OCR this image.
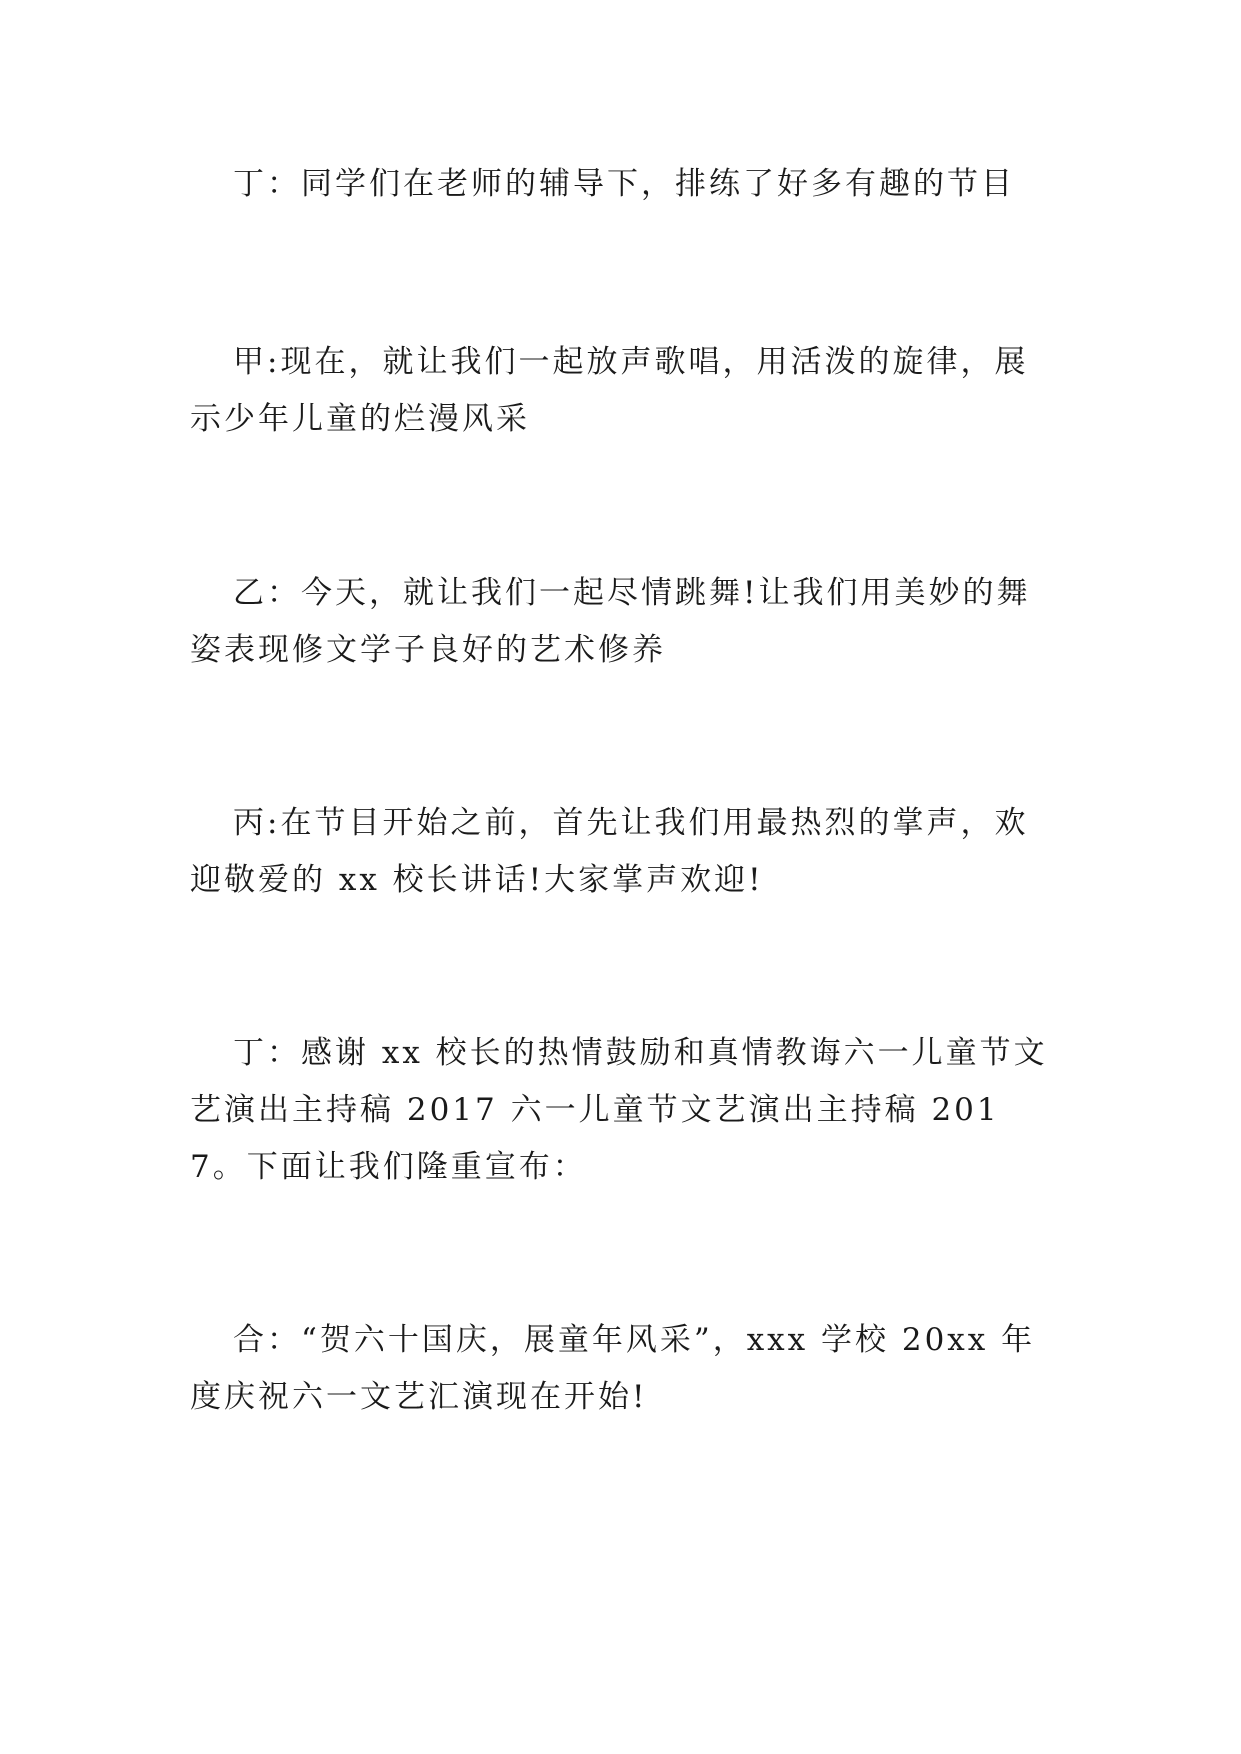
丁：同学们在老师的辅导下，排练了好多有趣的节目

甲:现在，就让我们一起放声歌唱，用活泼的旋律，展示少年儿童的烂漫风采

乙：今天，就让我们一起尽情跳舞!让我们用美妙的舞姿表现修文学子良好的艺术修养

丙:在节目开始之前，首先让我们用最热烈的掌声，欢迎敬爱的 xx 校长讲话!大家掌声欢迎!

丁：感谢 xx 校长的热情鼓励和真情教诲六一儿童节文艺演出主持稿 2017 六一儿童节文艺演出主持稿 2017。下面让我们隆重宣布：

合：“贺六十国庆，展童年风采”，xxx 学校 20xx 年度庆祝六一文艺汇演现在开始!
